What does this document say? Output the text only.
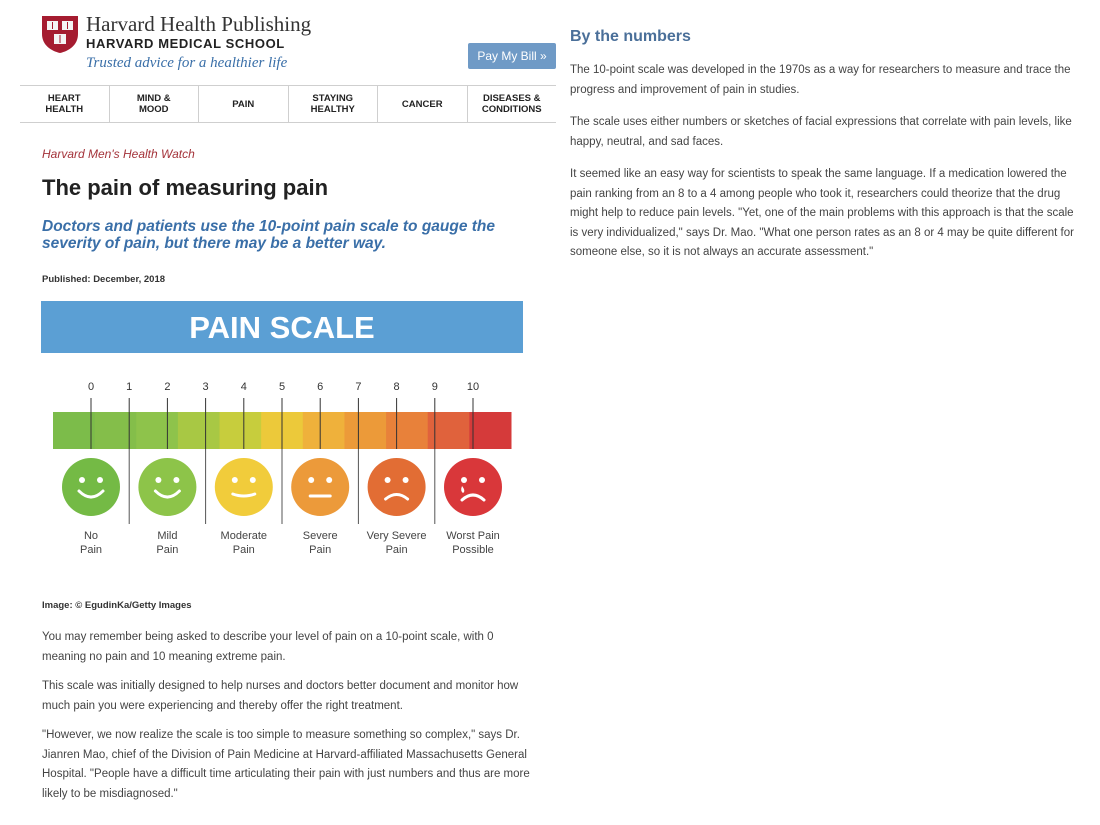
Harvard Health Publishing
HARVARD MEDICAL SCHOOL
Trusted advice for a healthier life	Pay My Bill »
HEART
HEALTH
MIND &
MOOD	PAIN	STAYING
HEALTHY	CANCER	DISEASES &
CONDITIONS
Harvard Men's Health Watch
The pain of measuring pain

Doctors and patients use the 10-point pain scale to gauge the severity of pain, but there may be a better way.

Published: December, 2018
PAIN SCALE
0	1	2	3	4	5	6	7	8	9	10
No
Pain
Mild
Pain
Moderate
Pain
Severe
Pain
Very Severe
Pain
Worst Pain
Possible
Image: © EgudinKa/Getty Images

You may remember being asked to describe your level of pain on a 10-point scale, with 0 meaning no pain and 10 meaning extreme pain.

This scale was initially designed to help nurses and doctors better document and monitor how much pain you were experiencing and thereby offer the right treatment.

"However, we now realize the scale is too simple to measure something so complex," says Dr. Jianren Mao, chief of the Division of Pain Medicine at Harvard-affiliated Massachusetts General Hospital. "People have a difficult time articulating their pain with just numbers and thus are more likely to be misdiagnosed."

By the numbers

The 10-point scale was developed in the 1970s as a way for researchers to measure and trace the progress and improvement of pain in studies.

The scale uses either numbers or sketches of facial expressions that correlate with pain levels, like happy, neutral, and sad faces.

It seemed like an easy way for scientists to speak the same language. If a medication lowered the pain ranking from an 8 to a 4 among people who took it, researchers could theorize that the drug might help to reduce pain levels. "Yet, one of the main problems with this approach is that the scale is very individualized," says Dr. Mao. "What one person rates as an 8 or 4 may be quite different for someone else, so it is not always an accurate assessment."
